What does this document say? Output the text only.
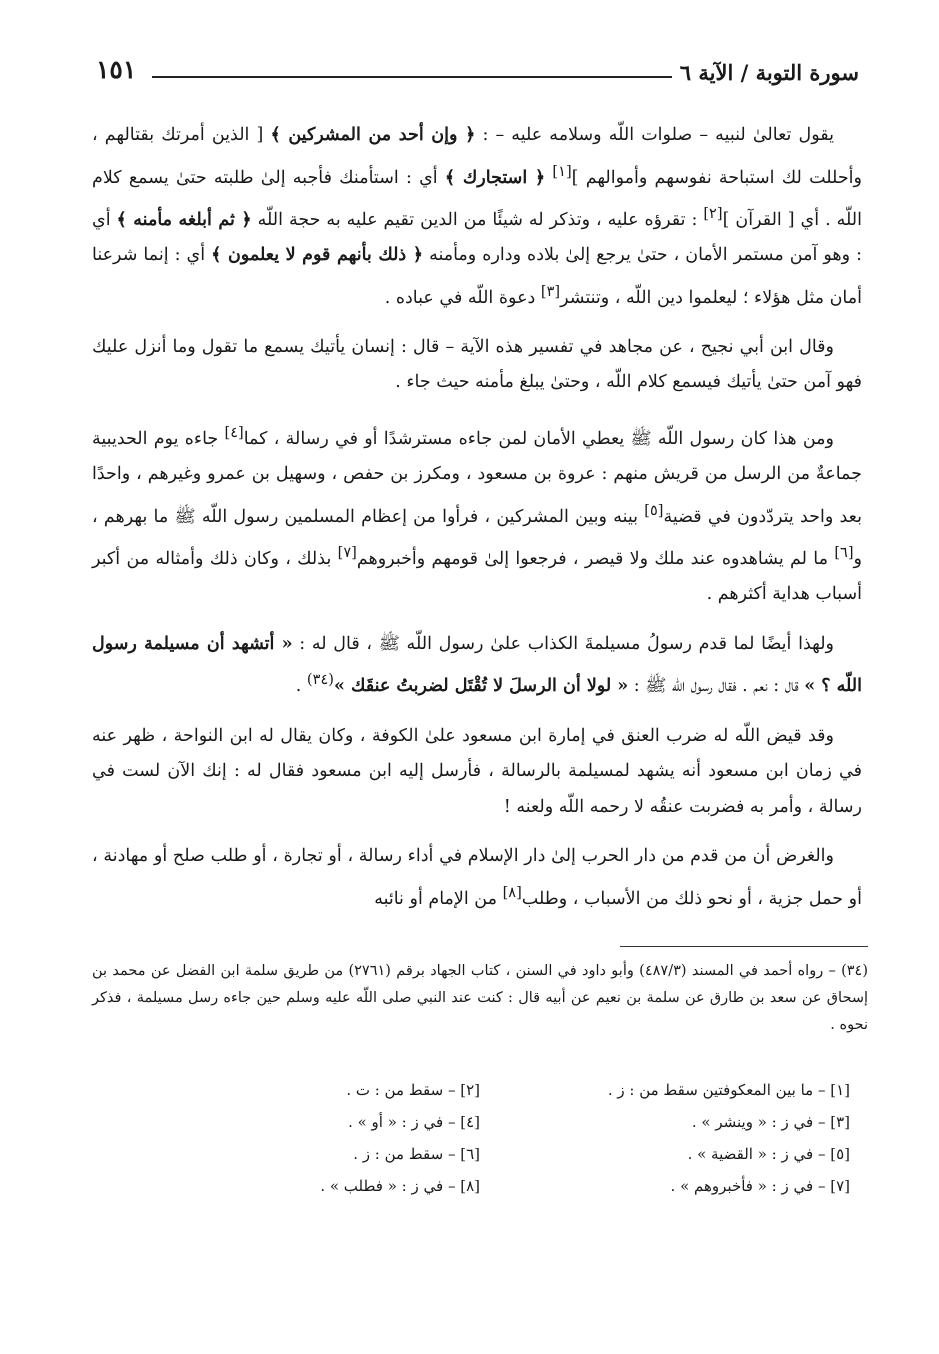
سورة التوبة / الآية ٦
١٥١

يقول تعالىٰ لنبيه – صلوات اللّه وسلامه عليه – : ﴿ وإن أحد من المشركين ﴾ [ الذين أمرتك بقتالهم ، وأحللت لك استباحة نفوسهم وأموالهم ][١] ﴿ استجارك ﴾ أي : استأمنك فأجبه إلىٰ طلبته حتىٰ يسمع كلام اللّه . أي [ القرآن ][٢] : تقرؤه عليه ، وتذكر له شيئًا من الدين تقيم عليه به حجة اللّه ﴿ ثم أبلغه مأمنه ﴾ أي : وهو آمن مستمر الأمان ، حتىٰ يرجع إلىٰ بلاده وداره ومأمنه ﴿ ذلك بأنهم قوم لا يعلمون ﴾ أي : إنما شرعنا أمان مثل هؤلاء ؛ ليعلموا دين اللّه ، وتنتشر[٣] دعوة اللّه في عباده .

وقال ابن أبي نجيح ، عن مجاهد في تفسير هذه الآية – قال : إنسان يأتيك يسمع ما تقول وما أنزل عليك فهو آمن حتىٰ يأتيك فيسمع كلام اللّه ، وحتىٰ يبلغ مأمنه حيث جاء .

ومن هذا كان رسول اللّه ﷺ يعطي الأمان لمن جاءه مسترشدًا أو في رسالة ، كما[٤] جاءه يوم الحديبية جماعةٌ من الرسل من قريش منهم : عروة بن مسعود ، ومكرز بن حفص ، وسهيل بن عمرو وغيرهم ، واحدًا بعد واحد يتردّدون في قضية[٥] بينه وبين المشركين ، فرأوا من إعظام المسلمين رسول اللّه ﷺ ما بهرهم ، و[٦] ما لم يشاهدوه عند ملك ولا قيصر ، فرجعوا إلىٰ قومهم وأخبروهم[٧] بذلك ، وكان ذلك وأمثاله من أكبر أسباب هداية أكثرهم .

ولهذا أيضًا لما قدم رسولُ مسيلمةَ الكذاب علىٰ رسول اللّه ﷺ ، قال له : « أتشهد أن مسيلمة رسول اللّه ؟ » قال : نعم . فقال رسول اللّه ﷺ : « لولا أن الرسلَ لا تُقْتَل لضربتُ عنقَك »$^{(٣٤)}$ .

وقد قيض اللّه له ضرب العنق في إمارة ابن مسعود علىٰ الكوفة ، وكان يقال له ابن النواحة ، ظهر عنه في زمان ابن مسعود أنه يشهد لمسيلمة بالرسالة ، فأرسل إليه ابن مسعود فقال له : إنك الآن لست في رسالة ، وأمر به فضربت عنقُه لا رحمه اللّه ولعنه !

والغرض أن من قدم من دار الحرب إلىٰ دار الإسلام في أداء رسالة ، أو تجارة ، أو طلب صلح أو مهادنة ، أو حمل جزية ، أو نحو ذلك من الأسباب ، وطلب[٨] من الإمام أو نائبه

(٣٤) – رواه أحمد في المسند (٤٨٧/٣) وأبو داود في السنن ، كتاب الجهاد برقم (٢٧٦١) من طريق سلمة ابن الفضل عن محمد بن إسحاق عن سعد بن طارق عن سلمة بن نعيم عن أبيه قال : كنت عند النبي صلى اللّه عليه وسلم حين جاءه رسل مسيلمة ، فذكر نحوه .
[١] – ما بين المعكوفتين سقط من : ز .
[٢] – سقط من : ت .
[٣] – في ز : « وينشر » .
[٤] – في ز : « أو » .
[٥] – في ز : « القضية » .
[٦] – سقط من : ز .
[٧] – في ز : « فأخبروهم » .
[٨] – في ز : « فطلب » .
